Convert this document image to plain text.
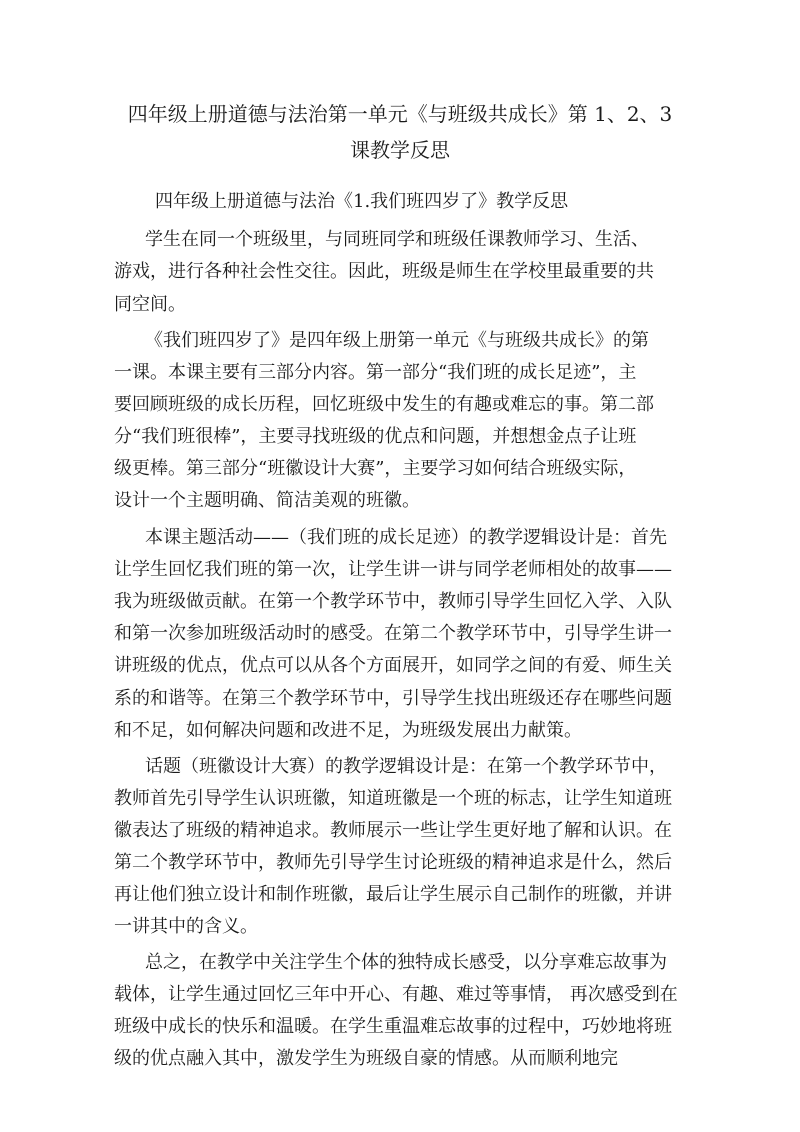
四年级上册道德与法治第一单元《与班级共成长》第 1、2、3
课教学反思
四年级上册道德与法治《1.我们班四岁了》教学反思

学生在同一个班级里，与同班同学和班级任课教师学习、生活、

游戏，进行各种社会性交往。因此，班级是师生在学校里最重要的共

同空间。

《我们班四岁了》是四年级上册第一单元《与班级共成长》的第

一课。本课主要有三部分内容。第一部分“我们班的成长足迹”，主

要回顾班级的成长历程，回忆班级中发生的有趣或难忘的事。第二部

分“我们班很棒”，主要寻找班级的优点和问题，并想想金点子让班

级更棒。第三部分“班徽设计大赛”，主要学习如何结合班级实际，

设计一个主题明确、简洁美观的班徽。

本课主题活动——（我们班的成长足迹）的教学逻辑设计是：首先

让学生回忆我们班的第一次，让学生讲一讲与同学老师相处的故事——

我为班级做贡献。在第一个教学环节中，教师引导学生回忆入学、入队

和第一次参加班级活动时的感受。在第二个教学环节中，引导学生讲一

讲班级的优点，优点可以从各个方面展开，如同学之间的有爱、师生关

系的和谐等。在第三个教学环节中，引导学生找出班级还存在哪些问题

和不足，如何解决问题和改进不足，为班级发展出力献策。

话题（班徽设计大赛）的教学逻辑设计是：在第一个教学环节中，

教师首先引导学生认识班徽，知道班徽是一个班的标志，让学生知道班

徽表达了班级的精神追求。教师展示一些让学生更好地了解和认识。在

第二个教学环节中，教师先引导学生讨论班级的精神追求是什么，然后

再让他们独立设计和制作班徽，最后让学生展示自己制作的班徽，并讲

一讲其中的含义。

总之，在教学中关注学生个体的独特成长感受，以分享难忘故事为

载体，让学生通过回忆三年中开心、有趣、难过等事情， 再次感受到在

班级中成长的快乐和温暖。在学生重温难忘故事的过程中，巧妙地将班

级的优点融入其中，激发学生为班级自豪的情感。从而顺利地完
